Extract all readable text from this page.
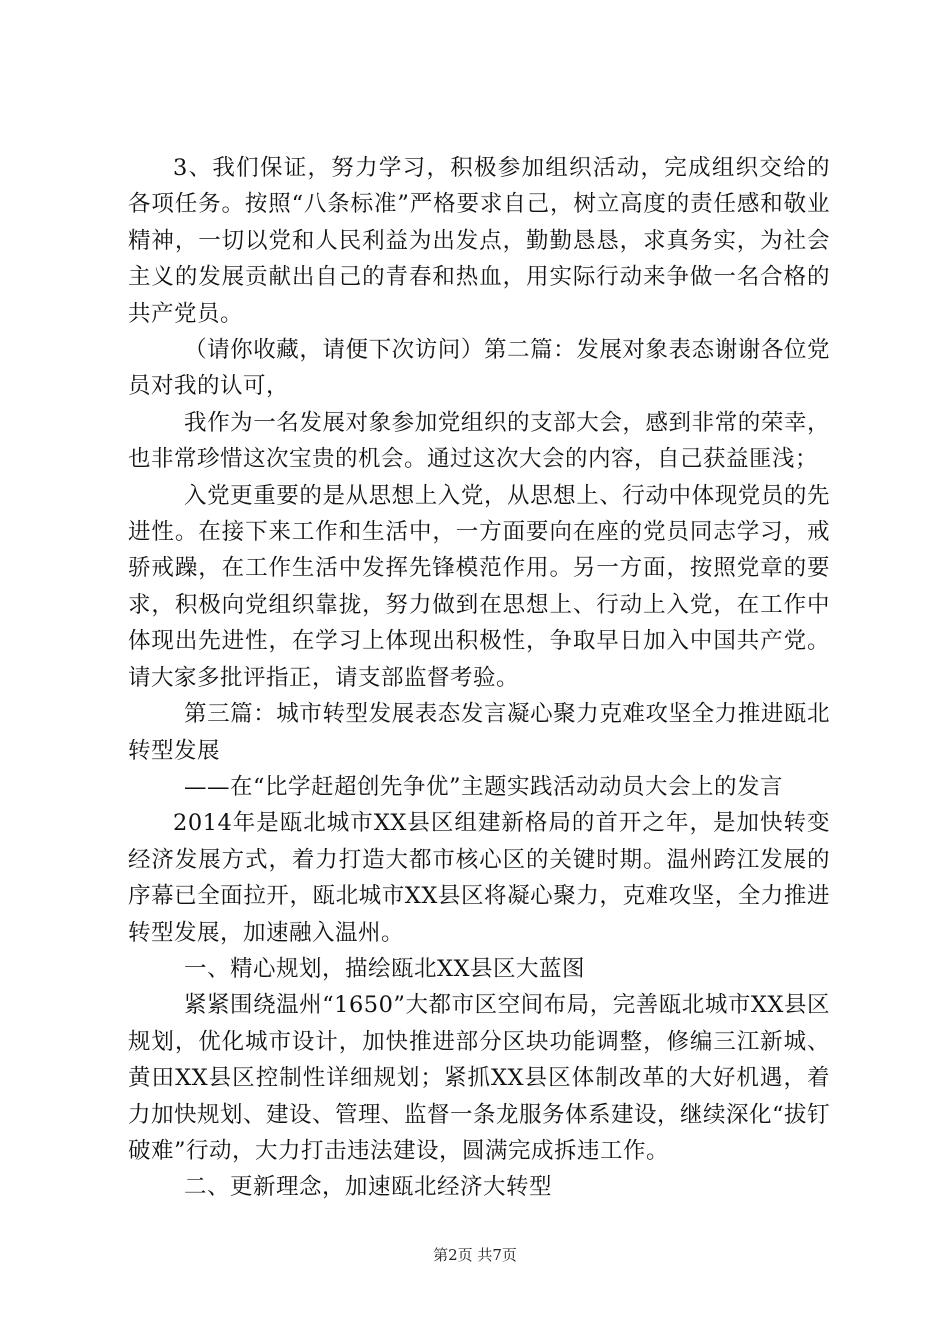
3、我们保证，努力学习，积极参加组织活动，完成组织交给的各项任务。按照“八条标准”严格要求自己，树立高度的责任感和敬业精神，一切以党和人民利益为出发点，勤勤恳恳，求真务实，为社会主义的发展贡献出自己的青春和热血，用实际行动来争做一名合格的共产党员。

（请你收藏，请便下次访问）第二篇：发展对象表态谢谢各位党员对我的认可，

我作为一名发展对象参加党组织的支部大会，感到非常的荣幸，也非常珍惜这次宝贵的机会。通过这次大会的内容，自己获益匪浅；

入党更重要的是从思想上入党，从思想上、行动中体现党员的先进性。在接下来工作和生活中，一方面要向在座的党员同志学习，戒骄戒躁，在工作生活中发挥先锋模范作用。另一方面，按照党章的要求，积极向党组织靠拢，努力做到在思想上、行动上入党，在工作中体现出先进性，在学习上体现出积极性，争取早日加入中国共产党。请大家多批评指正，请支部监督考验。

第三篇：城市转型发展表态发言凝心聚力克难攻坚全力推进瓯北转型发展

——在“比学赶超创先争优”主题实践活动动员大会上的发言

2014年是瓯北城市XX县区组建新格局的首开之年，是加快转变经济发展方式，着力打造大都市核心区的关键时期。温州跨江发展的序幕已全面拉开，瓯北城市XX县区将凝心聚力，克难攻坚，全力推进转型发展，加速融入温州。

一、精心规划，描绘瓯北XX县区大蓝图

紧紧围绕温州“1650”大都市区空间布局，完善瓯北城市XX县区规划，优化城市设计，加快推进部分区块功能调整，修编三江新城、黄田XX县区控制性详细规划；紧抓XX县区体制改革的大好机遇，着力加快规划、建设、管理、监督一条龙服务体系建设，继续深化“拔钉破难”行动，大力打击违法建设，圆满完成拆违工作。

二、更新理念，加速瓯北经济大转型

第2页 共7页
